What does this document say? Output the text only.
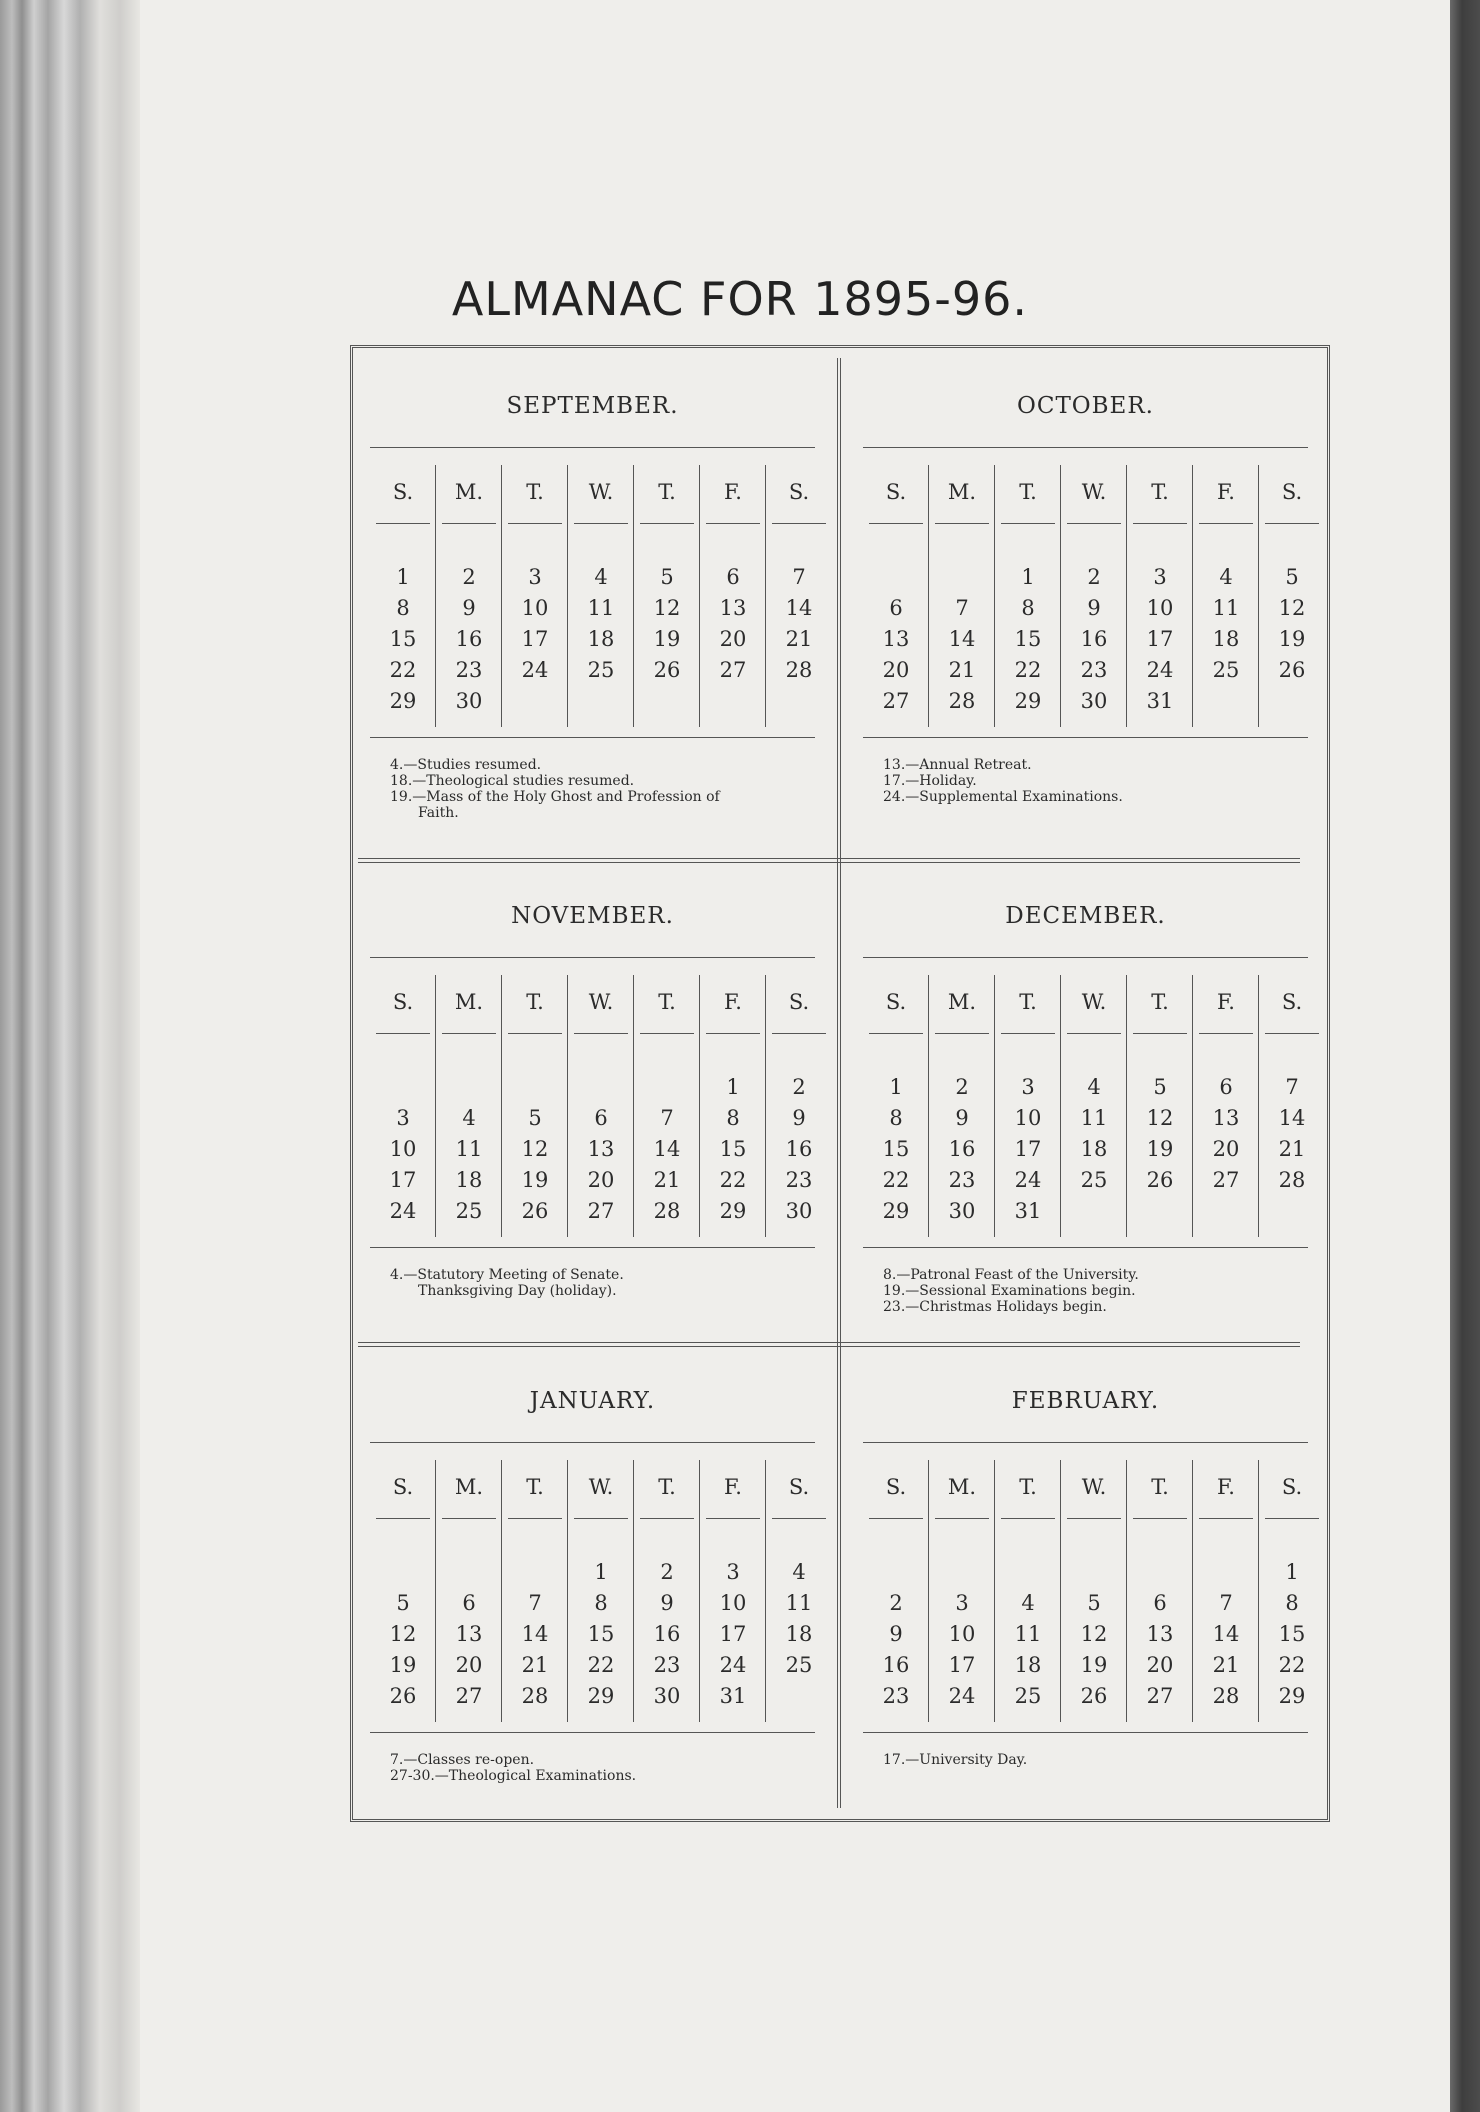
ALMANAC FOR 1895-96.
SEPTEMBER.
S.
1
8
15
22
29
M.
2
9
16
23
30
T.
3
10
17
24
W.
4
11
18
25
T.
5
12
19
26
F.
6
13
20
27
S.
7
14
21
28
4.—Studies resumed.
18.—Theological studies resumed.
19.—Mass of the Holy Ghost and Profession of
Faith.
OCTOBER.
S.
6
13
20
27
M.
7
14
21
28
T.
1
8
15
22
29
W.
2
9
16
23
30
T.
3
10
17
24
31
F.
4
11
18
25
S.
5
12
19
26
13.—Annual Retreat.
17.—Holiday.
24.—Supplemental Examinations.
NOVEMBER.
S.
3
10
17
24
M.
4
11
18
25
T.
5
12
19
26
W.
6
13
20
27
T.
7
14
21
28
F.
1
8
15
22
29
S.
2
9
16
23
30
4.—Statutory Meeting of Senate.
Thanksgiving Day (holiday).
DECEMBER.
S.
1
8
15
22
29
M.
2
9
16
23
30
T.
3
10
17
24
31
W.
4
11
18
25
T.
5
12
19
26
F.
6
13
20
27
S.
7
14
21
28
8.—Patronal Feast of the University.
19.—Sessional Examinations begin.
23.—Christmas Holidays begin.
JANUARY.
S.
5
12
19
26
M.
6
13
20
27
T.
7
14
21
28
W.
1
8
15
22
29
T.
2
9
16
23
30
F.
3
10
17
24
31
S.
4
11
18
25
7.—Classes re-open.
27-30.—Theological Examinations.
FEBRUARY.
S.
2
9
16
23
M.
3
10
17
24
T.
4
11
18
25
W.
5
12
19
26
T.
6
13
20
27
F.
7
14
21
28
S.
1
8
15
22
29
17.—University Day.
